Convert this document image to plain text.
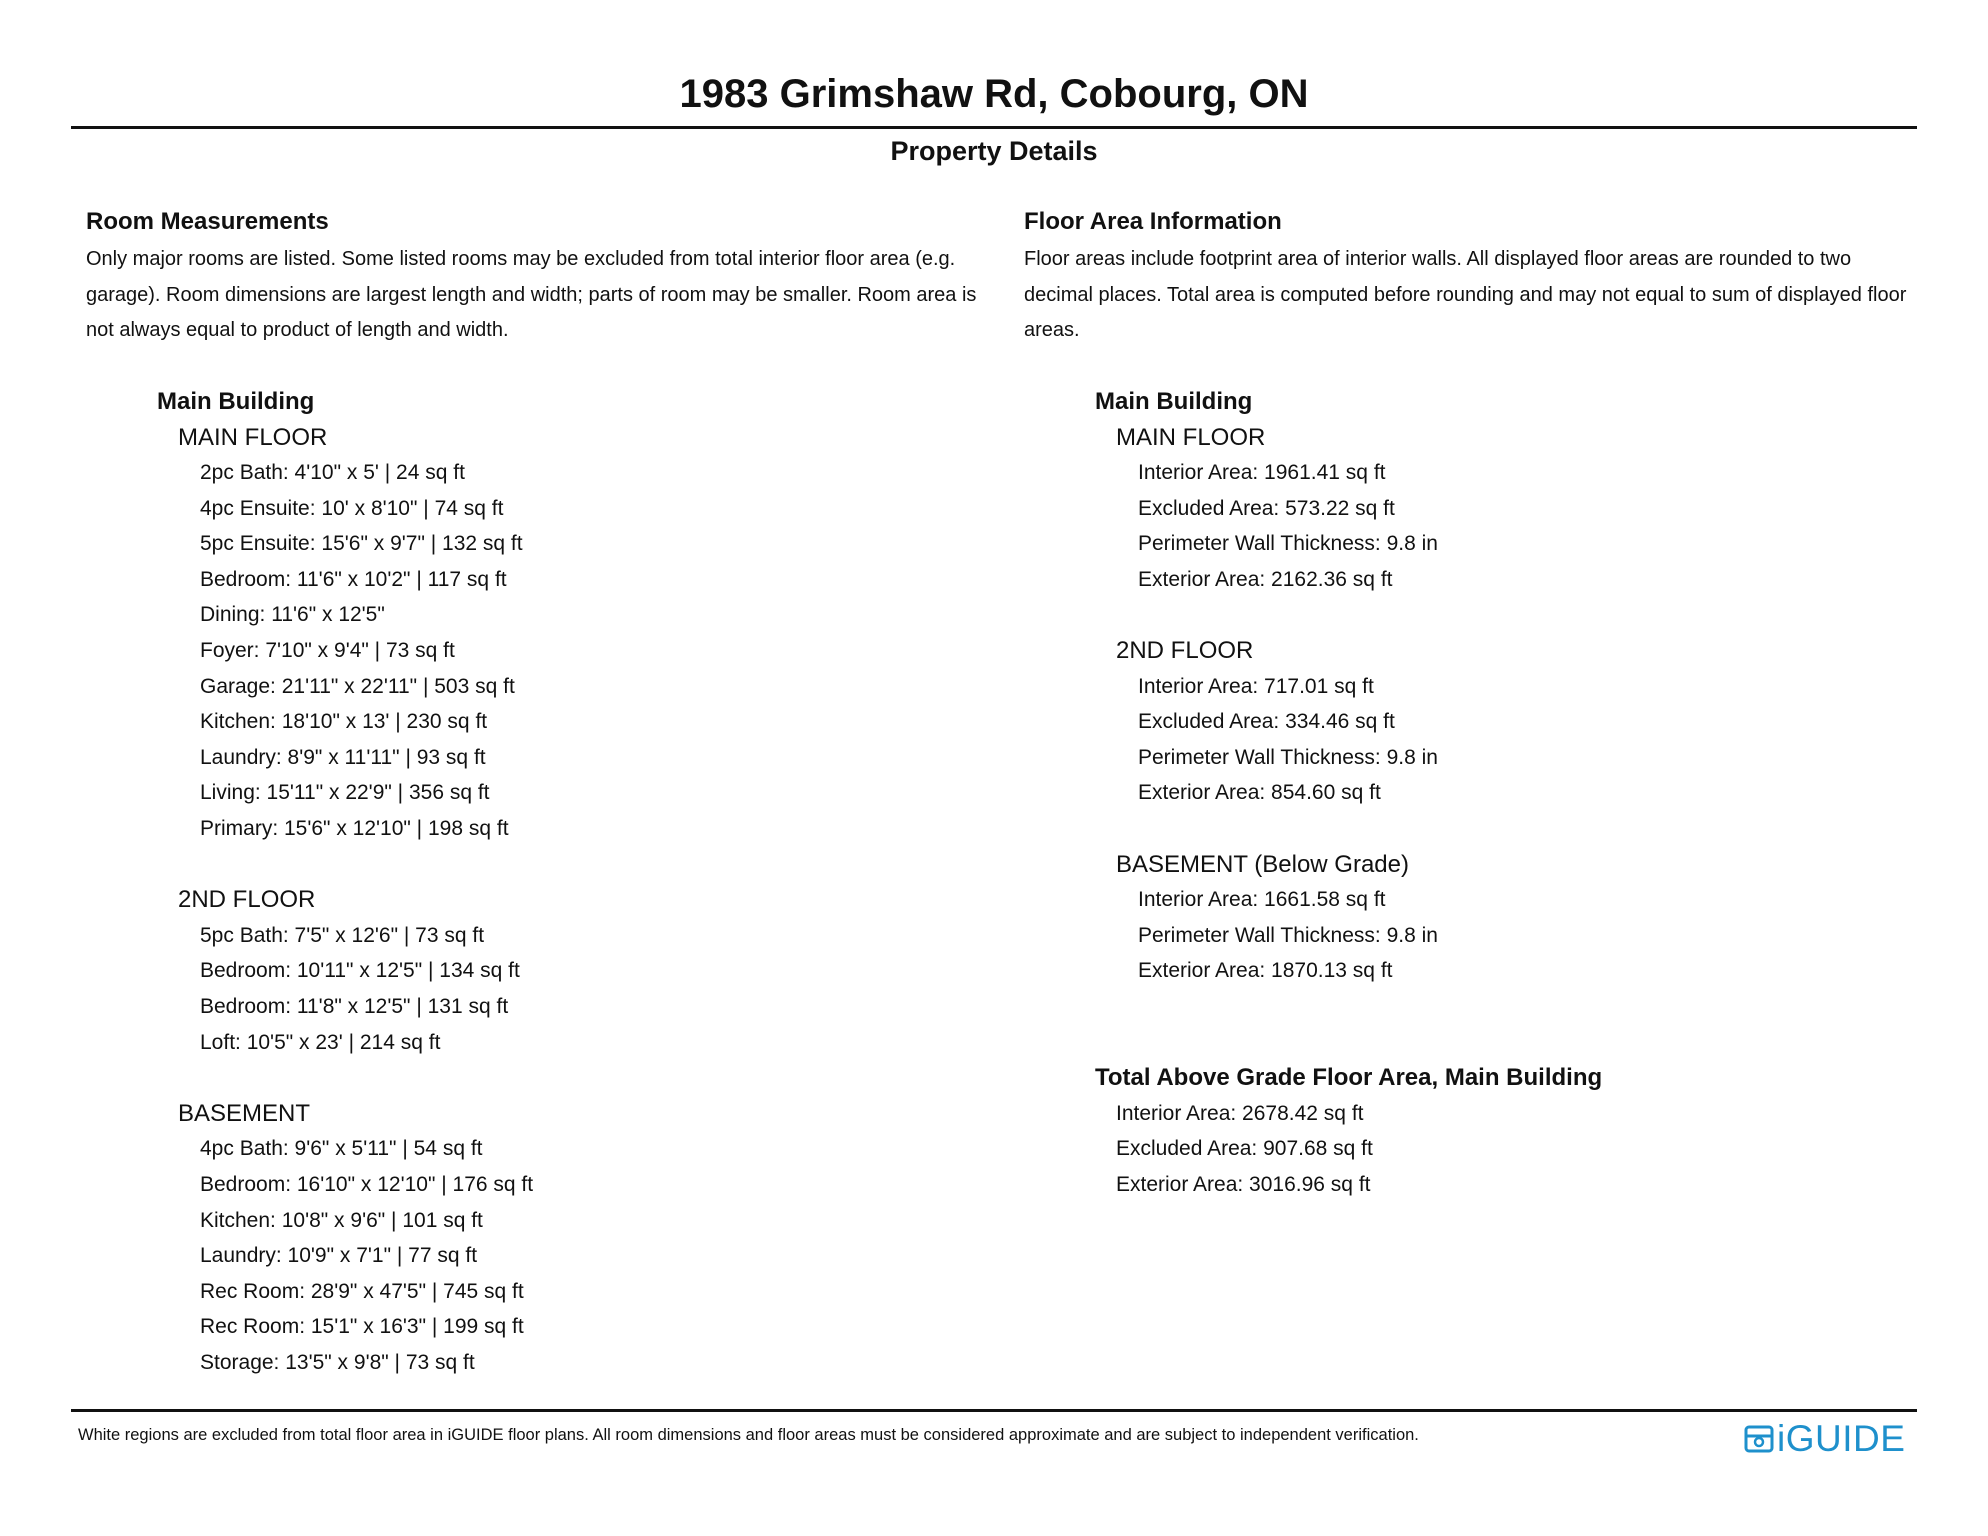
1983 Grimshaw Rd, Cobourg, ON
Property Details
Room Measurements
Only major rooms are listed. Some listed rooms may be excluded from total interior floor area (e.g. garage). Room dimensions are largest length and width; parts of room may be smaller. Room area is not always equal to product of length and width.
Main Building
MAIN FLOOR
2pc Bath: 4'10" x 5' | 24 sq ft
4pc Ensuite: 10' x 8'10" | 74 sq ft
5pc Ensuite: 15'6" x 9'7" | 132 sq ft
Bedroom: 11'6" x 10'2" | 117 sq ft
Dining: 11'6" x 12'5"
Foyer: 7'10" x 9'4" | 73 sq ft
Garage: 21'11" x 22'11" | 503 sq ft
Kitchen: 18'10" x 13' | 230 sq ft
Laundry: 8'9" x 11'11" | 93 sq ft
Living: 15'11" x 22'9" | 356 sq ft
Primary: 15'6" x 12'10" | 198 sq ft
2ND FLOOR
5pc Bath: 7'5" x 12'6" | 73 sq ft
Bedroom: 10'11" x 12'5" | 134 sq ft
Bedroom: 11'8" x 12'5" | 131 sq ft
Loft: 10'5" x 23' | 214 sq ft
BASEMENT
4pc Bath: 9'6" x 5'11" | 54 sq ft
Bedroom: 16'10" x 12'10" | 176 sq ft
Kitchen: 10'8" x 9'6" | 101 sq ft
Laundry: 10'9" x 7'1" | 77 sq ft
Rec Room: 28'9" x 47'5" | 745 sq ft
Rec Room: 15'1" x 16'3" | 199 sq ft
Storage: 13'5" x 9'8" | 73 sq ft
Floor Area Information
Floor areas include footprint area of interior walls. All displayed floor areas are rounded to two decimal places. Total area is computed before rounding and may not equal to sum of displayed floor areas.
Main Building
MAIN FLOOR
Interior Area: 1961.41 sq ft
Excluded Area: 573.22 sq ft
Perimeter Wall Thickness: 9.8 in
Exterior Area: 2162.36 sq ft
2ND FLOOR
Interior Area: 717.01 sq ft
Excluded Area: 334.46 sq ft
Perimeter Wall Thickness: 9.8 in
Exterior Area: 854.60 sq ft
BASEMENT (Below Grade)
Interior Area: 1661.58 sq ft
Perimeter Wall Thickness: 9.8 in
Exterior Area: 1870.13 sq ft
Total Above Grade Floor Area, Main Building
Interior Area: 2678.42 sq ft
Excluded Area: 907.68 sq ft
Exterior Area: 3016.96 sq ft
White regions are excluded from total floor area in iGUIDE floor plans. All room dimensions and floor areas must be considered approximate and are subject to independent verification.	iGUIDE
